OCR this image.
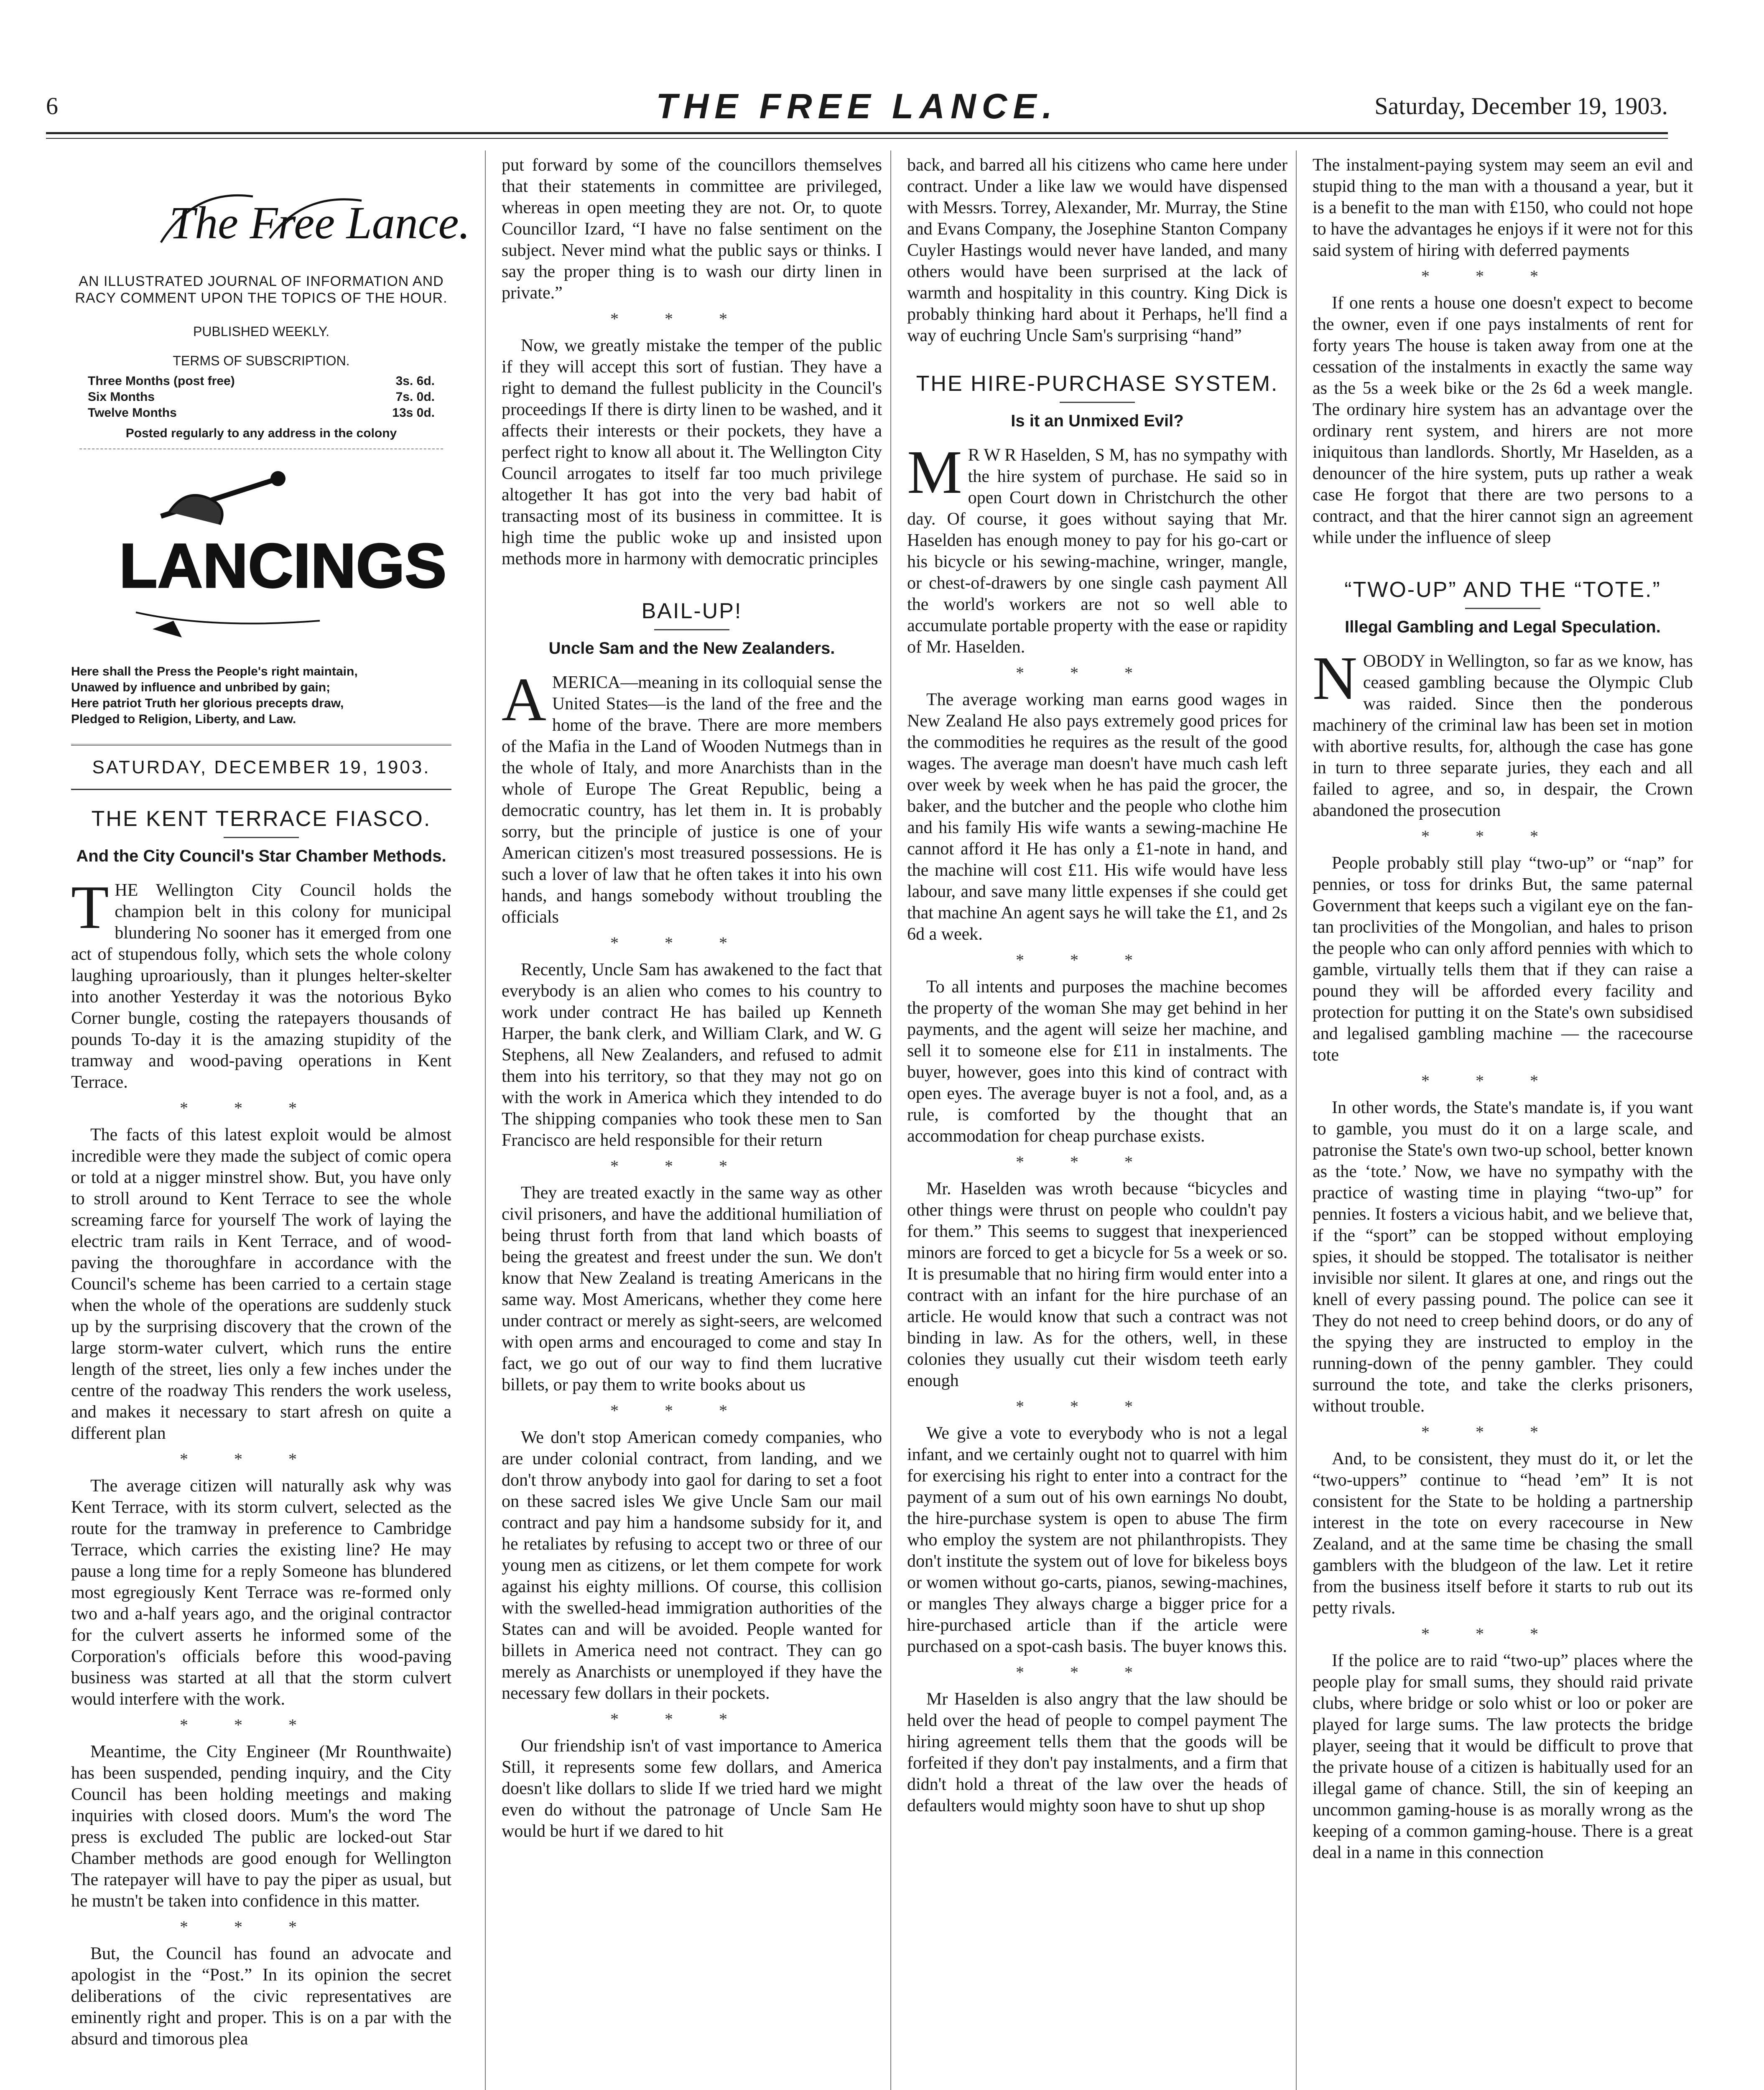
6	THE FREE LANCE.	Saturday, December 19, 1903.
The Free Lance.
AN ILLUSTRATED JOURNAL OF INFORMATION AND RACY COMMENT UPON THE TOPICS OF THE HOUR.
PUBLISHED WEEKLY.
TERMS OF SUBSCRIPTION.
Three Months (post free)	3s. 6d.
Six Months	7s. 0d.
Twelve Months	13s 0d.
Posted regularly to any address in the colony
LANCINGS
Here shall the Press the People's right maintain,
Unawed by influence and unbribed by gain;
Here patriot Truth her glorious precepts draw,
Pledged to Religion, Liberty, and Law.
SATURDAY, DECEMBER 19, 1903.
THE KENT TERRACE FIASCO.
And the City Council's Star Chamber Methods.

THE Wellington City Council holds the champion belt in this colony for municipal blundering No sooner has it emerged from one act of stupendous folly, which sets the whole colony laughing uproariously, than it plunges helter-skelter into another Yesterday it was the notorious Byko Corner bungle, costing the ratepayers thousands of pounds To-day it is the amazing stupidity of the tramway and wood-paving operations in Kent Terrace.

***

The facts of this latest exploit would be almost incredible were they made the subject of comic opera or told at a nigger minstrel show. But, you have only to stroll around to Kent Terrace to see the whole screaming farce for yourself The work of laying the electric tram rails in Kent Terrace, and of wood-paving the thoroughfare in accordance with the Council's scheme has been carried to a certain stage when the whole of the operations are suddenly stuck up by the surprising discovery that the crown of the large storm-water culvert, which runs the entire length of the street, lies only a few inches under the centre of the roadway This renders the work useless, and makes it necessary to start afresh on quite a different plan

***

The average citizen will naturally ask why was Kent Terrace, with its storm culvert, selected as the route for the tramway in preference to Cambridge Terrace, which carries the existing line? He may pause a long time for a reply Someone has blundered most egregiously Kent Terrace was re-formed only two and a-half years ago, and the original contractor for the culvert asserts he informed some of the Corporation's officials before this wood-paving business was started at all that the storm culvert would interfere with the work.

***

Meantime, the City Engineer (Mr Rounthwaite) has been suspended, pending inquiry, and the City Council has been holding meetings and making inquiries with closed doors. Mum's the word The press is excluded The public are locked-out Star Chamber methods are good enough for Wellington The ratepayer will have to pay the piper as usual, but he mustn't be taken into confidence in this matter.

***

But, the Council has found an advocate and apologist in the “Post.” In its opinion the secret deliberations of the civic representatives are eminently right and proper. This is on a par with the absurd and timorous plea

put forward by some of the councillors themselves that their statements in committee are privileged, whereas in open meeting they are not. Or, to quote Councillor Izard, “I have no false sentiment on the subject. Never mind what the public says or thinks. I say the proper thing is to wash our dirty linen in private.”

***

Now, we greatly mistake the temper of the public if they will accept this sort of fustian. They have a right to demand the fullest publicity in the Council's proceedings If there is dirty linen to be washed, and it affects their interests or their pockets, they have a perfect right to know all about it. The Wellington City Council arrogates to itself far too much privilege altogether It has got into the very bad habit of transacting most of its business in committee. It is high time the public woke up and insisted upon methods more in harmony with democratic principles

BAIL-UP!
Uncle Sam and the New Zealanders.

AMERICA—meaning in its colloquial sense the United States—is the land of the free and the home of the brave. There are more members of the Mafia in the Land of Wooden Nutmegs than in the whole of Italy, and more Anarchists than in the whole of Europe The Great Republic, being a democratic country, has let them in. It is probably sorry, but the principle of justice is one of your American citizen's most treasured possessions. He is such a lover of law that he often takes it into his own hands, and hangs somebody without troubling the officials

***

Recently, Uncle Sam has awakened to the fact that everybody is an alien who comes to his country to work under contract He has bailed up Kenneth Harper, the bank clerk, and William Clark, and W. G Stephens, all New Zealanders, and refused to admit them into his territory, so that they may not go on with the work in America which they intended to do The shipping companies who took these men to San Francisco are held responsible for their return

***

They are treated exactly in the same way as other civil prisoners, and have the additional humiliation of being thrust forth from that land which boasts of being the greatest and freest under the sun. We don't know that New Zealand is treating Americans in the same way. Most Americans, whether they come here under contract or merely as sight-seers, are welcomed with open arms and encouraged to come and stay In fact, we go out of our way to find them lucrative billets, or pay them to write books about us

***

We don't stop American comedy companies, who are under colonial contract, from landing, and we don't throw anybody into gaol for daring to set a foot on these sacred isles We give Uncle Sam our mail contract and pay him a handsome subsidy for it, and he retaliates by refusing to accept two or three of our young men as citizens, or let them compete for work against his eighty millions. Of course, this collision with the swelled-head immigration authorities of the States can and will be avoided. People wanted for billets in America need not contract. They can go merely as Anarchists or unemployed if they have the necessary few dollars in their pockets.

***

Our friendship isn't of vast importance to America Still, it represents some few dollars, and America doesn't like dollars to slide If we tried hard we might even do without the patronage of Uncle Sam He would be hurt if we dared to hit

back, and barred all his citizens who came here under contract. Under a like law we would have dispensed with Messrs. Torrey, Alexander, Mr. Murray, the Stine and Evans Company, the Josephine Stanton Company Cuyler Hastings would never have landed, and many others would have been surprised at the lack of warmth and hospitality in this country. King Dick is probably thinking hard about it Perhaps, he'll find a way of euchring Uncle Sam's surprising “hand”

THE HIRE-PURCHASE SYSTEM.
Is it an Unmixed Evil?

M R W R Haselden, S M, has no sympathy with the hire system of purchase. He said so in open Court down in Christchurch the other day. Of course, it goes without saying that Mr. Haselden has enough money to pay for his go-cart or his bicycle or his sewing-machine, wringer, mangle, or chest-of-drawers by one single cash payment All the world's workers are not so well able to accumulate portable property with the ease or rapidity of Mr. Haselden.

***

The average working man earns good wages in New Zealand He also pays extremely good prices for the commodities he requires as the result of the good wages. The average man doesn't have much cash left over week by week when he has paid the grocer, the baker, and the butcher and the people who clothe him and his family His wife wants a sewing-machine He cannot afford it He has only a £1-note in hand, and the machine will cost £11. His wife would have less labour, and save many little expenses if she could get that machine An agent says he will take the £1, and 2s 6d a week.

***

To all intents and purposes the machine becomes the property of the woman She may get behind in her payments, and the agent will seize her machine, and sell it to someone else for £11 in instalments. The buyer, however, goes into this kind of contract with open eyes. The average buyer is not a fool, and, as a rule, is comforted by the thought that an accommodation for cheap purchase exists.

***

Mr. Haselden was wroth because “bicycles and other things were thrust on people who couldn't pay for them.” This seems to suggest that inexperienced minors are forced to get a bicycle for 5s a week or so. It is presumable that no hiring firm would enter into a contract with an infant for the hire purchase of an article. He would know that such a contract was not binding in law. As for the others, well, in these colonies they usually cut their wisdom teeth early enough

***

We give a vote to everybody who is not a legal infant, and we certainly ought not to quarrel with him for exercising his right to enter into a contract for the payment of a sum out of his own earnings No doubt, the hire-purchase system is open to abuse The firm who employ the system are not philanthropists. They don't institute the system out of love for bikeless boys or women without go-carts, pianos, sewing-machines, or mangles They always charge a bigger price for a hire-purchased article than if the article were purchased on a spot-cash basis. The buyer knows this.

***

Mr Haselden is also angry that the law should be held over the head of people to compel payment The hiring agreement tells them that the goods will be forfeited if they don't pay instalments, and a firm that didn't hold a threat of the law over the heads of defaulters would mighty soon have to shut up shop

The instalment-paying system may seem an evil and stupid thing to the man with a thousand a year, but it is a benefit to the man with £150, who could not hope to have the advantages he enjoys if it were not for this said system of hiring with deferred payments

***

If one rents a house one doesn't expect to become the owner, even if one pays instalments of rent for forty years The house is taken away from one at the cessation of the instalments in exactly the same way as the 5s a week bike or the 2s 6d a week mangle. The ordinary hire system has an advantage over the ordinary rent system, and hirers are not more iniquitous than landlords. Shortly, Mr Haselden, as a denouncer of the hire system, puts up rather a weak case He forgot that there are two persons to a contract, and that the hirer cannot sign an agreement while under the influence of sleep

“TWO-UP” AND THE “TOTE.”
Illegal Gambling and Legal Speculation.

NOBODY in Wellington, so far as we know, has ceased gambling because the Olympic Club was raided. Since then the ponderous machinery of the criminal law has been set in motion with abortive results, for, although the case has gone in turn to three separate juries, they each and all failed to agree, and so, in despair, the Crown abandoned the prosecution

***

People probably still play “two-up” or “nap” for pennies, or toss for drinks But, the same paternal Government that keeps such a vigilant eye on the fan-tan proclivities of the Mongolian, and hales to prison the people who can only afford pennies with which to gamble, virtually tells them that if they can raise a pound they will be afforded every facility and protection for putting it on the State's own subsidised and legalised gambling machine — the racecourse tote

***

In other words, the State's mandate is, if you want to gamble, you must do it on a large scale, and patronise the State's own two-up school, better known as the ‘tote.’ Now, we have no sympathy with the practice of wasting time in playing “two-up” for pennies. It fosters a vicious habit, and we believe that, if the “sport” can be stopped without employing spies, it should be stopped. The totalisator is neither invisible nor silent. It glares at one, and rings out the knell of every passing pound. The police can see it They do not need to creep behind doors, or do any of the spying they are instructed to employ in the running-down of the penny gambler. They could surround the tote, and take the clerks prisoners, without trouble.

***

And, to be consistent, they must do it, or let the “two-uppers” continue to “head ’em” It is not consistent for the State to be holding a partnership interest in the tote on every racecourse in New Zealand, and at the same time be chasing the small gamblers with the bludgeon of the law. Let it retire from the business itself before it starts to rub out its petty rivals.

***

If the police are to raid “two-up” places where the people play for small sums, they should raid private clubs, where bridge or solo whist or loo or poker are played for large sums. The law protects the bridge player, seeing that it would be difficult to prove that the private house of a citizen is habitually used for an illegal game of chance. Still, the sin of keeping an uncommon gaming-house is as morally wrong as the keeping of a common gaming-house. There is a great deal in a name in this connection
